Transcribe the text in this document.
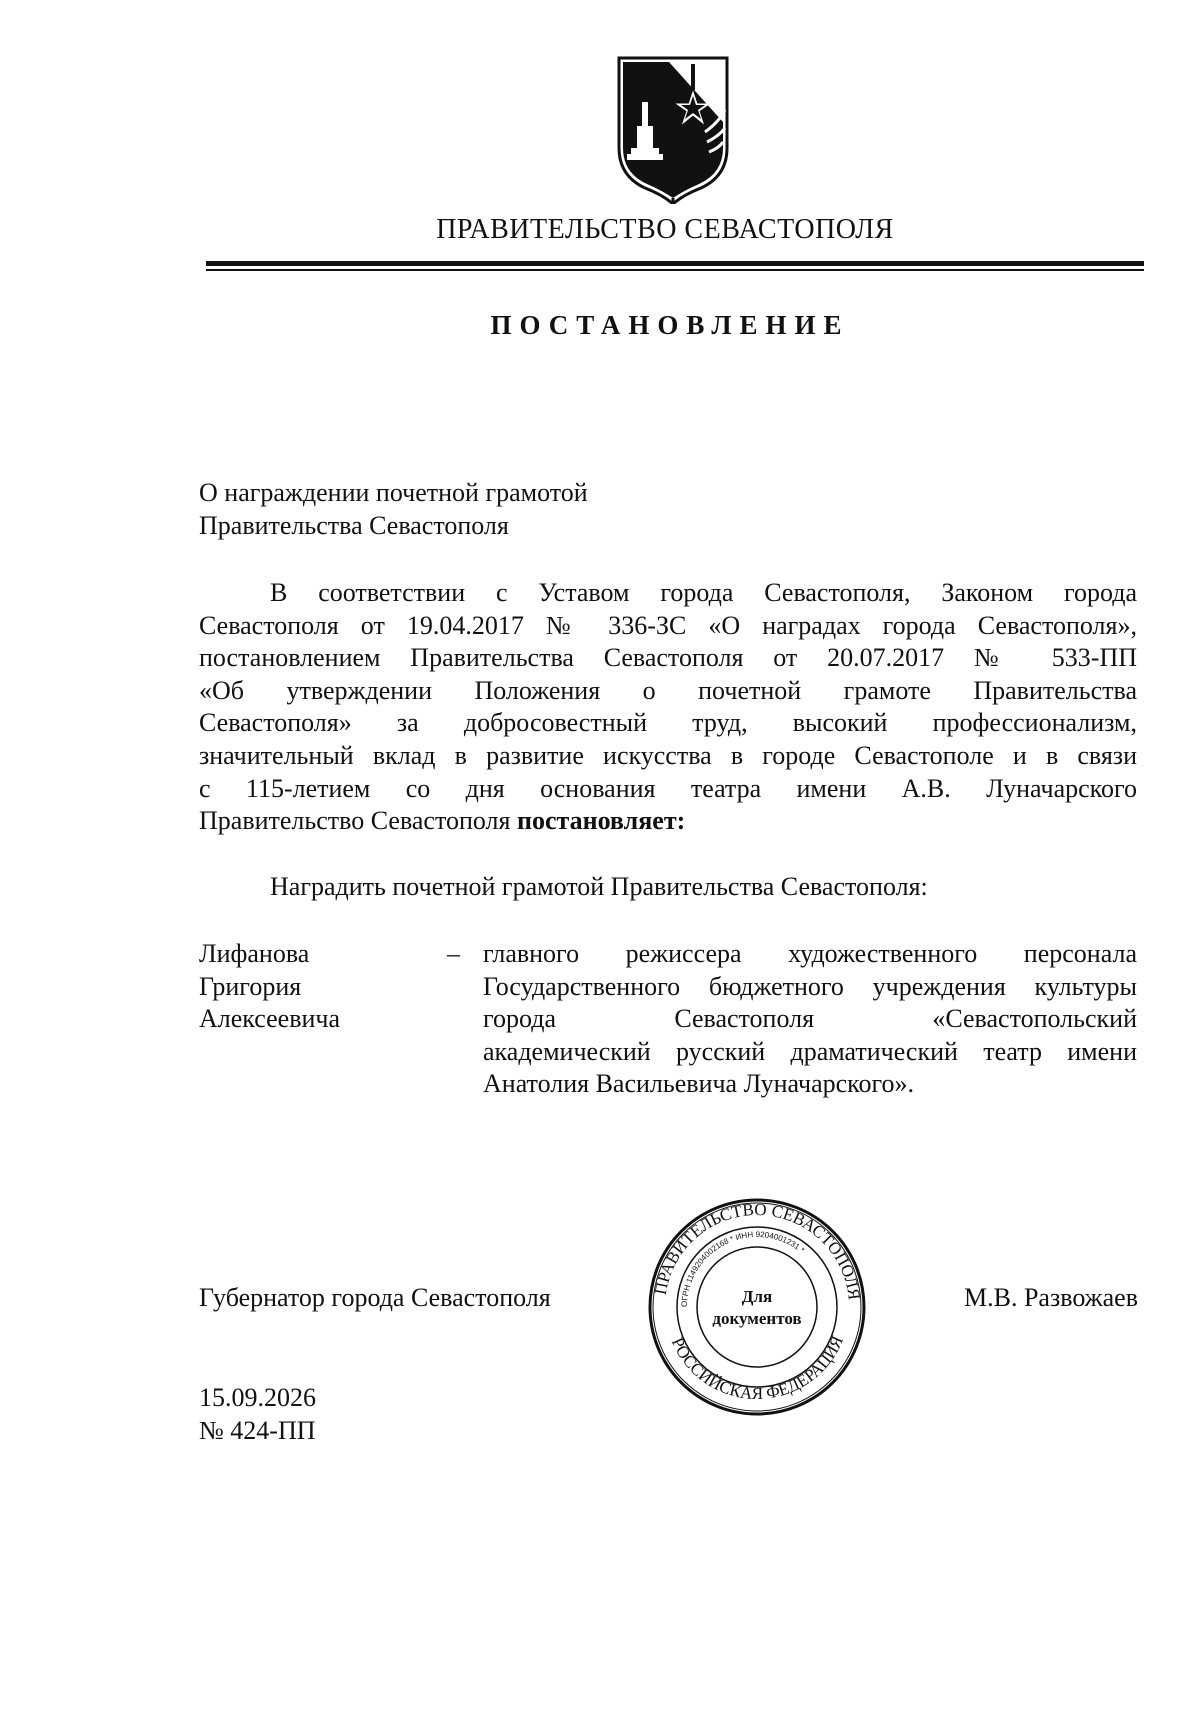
ПРАВИТЕЛЬСТВО СЕВАСТОПОЛЯ
ПОСТАНОВЛЕНИЕ
О награждении почетной грамотой
Правительства Севастополя
В соответствии с Уставом города Севастополя, Законом города
Севастополя от 19.04.2017 № 336-ЗС «О наградах города Севастополя»,
постановлением Правительства Севастополя от 20.07.2017 № 533-ПП
«Об утверждении Положения о почетной грамоте Правительства
Севастополя» за добросовестный труд, высокий профессионализм,
значительный вклад в развитие искусства в городе Севастополе и в связи
с 115-летием со дня основания театра имени А.В. Луначарского
Правительство Севастополя постановляет:
Наградить почетной грамотой Правительства Севастополя:
Лифанова
Григория
Алексеевича
– главного режиссера художественного персонала
Государственного бюджетного учреждения культуры
города Севастополя «Севастопольский
академический русский драматический театр имени
Анатолия Васильевича Луначарского».
Губернатор города Севастополя	ПРАВИТЕЛЬСТВО СЕВАСТОПОЛЯ
РОССИЙСКАЯ ФЕДЕРАЦИЯ
ОГРН 1149204002168 * ИНН 9204001231 *
Для
документов
М.В. Развожаев
15.09.2026
№ 424-ПП
